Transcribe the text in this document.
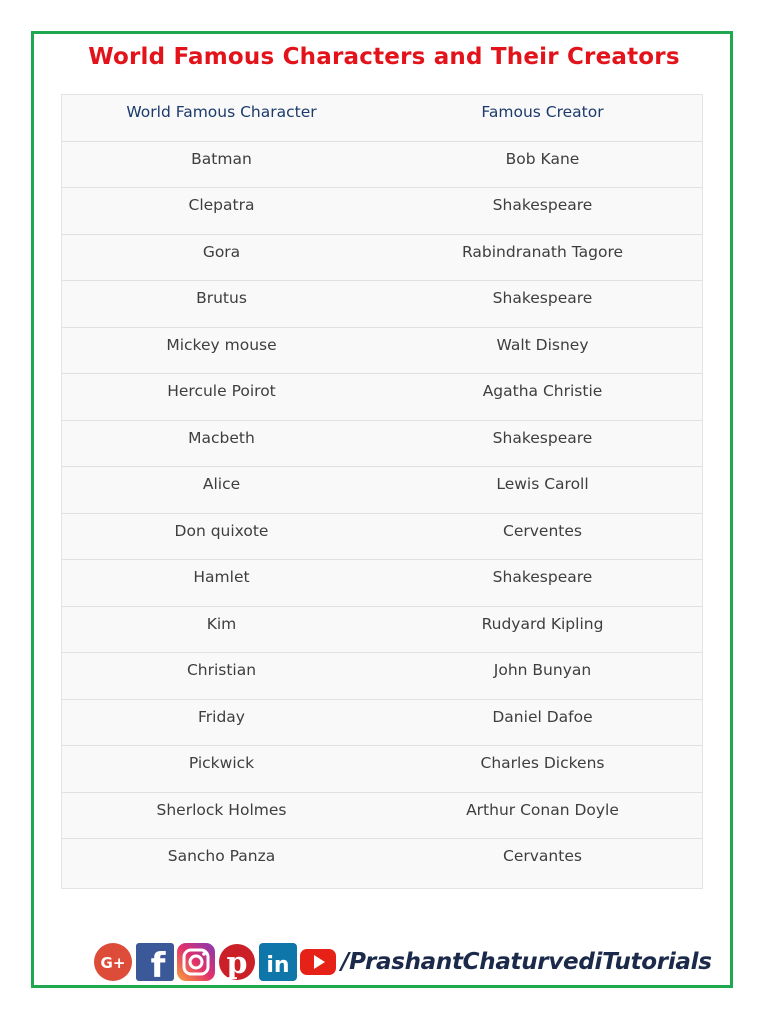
World Famous Characters and Their Creators
World Famous Character	Famous Creator
Batman	Bob Kane
Clepatra	Shakespeare
Gora	Rabindranath Tagore
Brutus	Shakespeare
Mickey mouse	Walt Disney
Hercule Poirot	Agatha Christie
Macbeth	Shakespeare
Alice	Lewis Caroll
Don quixote	Cerventes
Hamlet	Shakespeare
Kim	Rudyard Kipling
Christian	John Bunyan
Friday	Daniel Dafoe
Pickwick	Charles Dickens
Sherlock Holmes	Arthur Conan Doyle
Sancho Panza	Cervantes
G+ f p in /PrashantChaturvediTutorials
